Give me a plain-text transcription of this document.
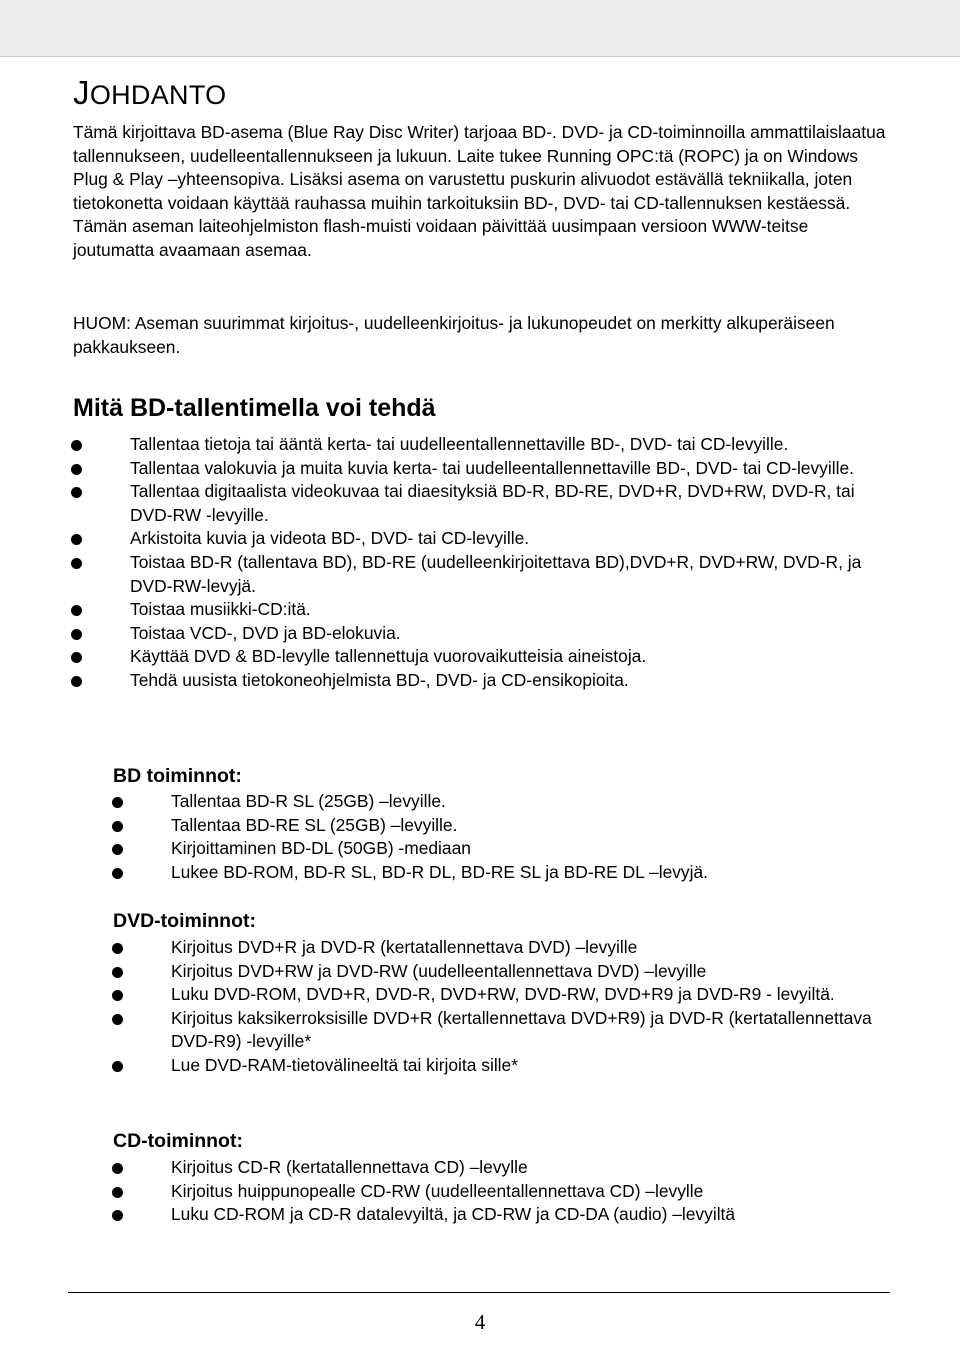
JOHDANTO

Tämä kirjoittava BD-asema (Blue Ray Disc Writer) tarjoaa BD-. DVD- ja CD-toiminnoilla ammattilaislaatua tallennukseen, uudelleentallennukseen ja lukuun. Laite tukee Running OPC:tä (ROPC) ja on Windows Plug & Play –yhteensopiva. Lisäksi asema on varustettu puskurin alivuodot estävällä tekniikalla, joten tietokonetta voidaan käyttää rauhassa muihin tarkoituksiin BD-, DVD- tai CD-tallennuksen kestäessä. Tämän aseman laiteohjelmiston flash-muisti voidaan päivittää uusimpaan versioon WWW-teitse joutumatta avaamaan asemaa.

HUOM: Aseman suurimmat kirjoitus-, uudelleenkirjoitus- ja lukunopeudet on merkitty alkuperäiseen pakkaukseen.

Mitä BD-tallentimella voi tehdä
Tallentaa tietoja tai ääntä kerta- tai uudelleentallennettaville BD-, DVD- tai CD-levyille.
Tallentaa valokuvia ja muita kuvia kerta- tai uudelleentallennettaville BD-, DVD- tai CD-levyille.
Tallentaa digitaalista videokuvaa tai diaesityksiä BD-R, BD-RE, DVD+R, DVD+RW, DVD-R, tai DVD-RW -levyille.
Arkistoita kuvia ja videota BD-, DVD- tai CD-levyille.
Toistaa BD-R (tallentava BD), BD-RE (uudelleenkirjoitettava BD),DVD+R, DVD+RW, DVD-R, ja DVD-RW-levyjä.
Toistaa musiikki-CD:itä.
Toistaa VCD-, DVD ja BD-elokuvia.
Käyttää DVD & BD-levylle tallennettuja vuorovaikutteisia aineistoja.
Tehdä uusista tietokoneohjelmista BD-, DVD- ja CD-ensikopioita.
BD toiminnot:
Tallentaa BD-R SL (25GB) –levyille.
Tallentaa BD-RE SL (25GB) –levyille.
Kirjoittaminen BD-DL (50GB) -mediaan
Lukee BD-ROM, BD-R SL, BD-R DL, BD-RE SL ja BD-RE DL –levyjä.
DVD-toiminnot:
Kirjoitus DVD+R ja DVD-R (kertatallennettava DVD) –levyille
Kirjoitus DVD+RW ja DVD-RW (uudelleentallennettava DVD) –levyille
Luku DVD-ROM, DVD+R, DVD-R, DVD+RW, DVD-RW, DVD+R9 ja DVD-R9 - levyiltä.
Kirjoitus kaksikerroksisille DVD+R (kertallennettava DVD+R9) ja DVD-R (kertatallennettava DVD-R9) -levyille*
Lue DVD-RAM-tietovälineeltä tai kirjoita sille*
CD-toiminnot:
Kirjoitus CD-R (kertatallennettava CD) –levylle
Kirjoitus huippunopealle CD-RW (uudelleentallennettava CD) –levylle
Luku CD-ROM ja CD-R datalevyiltä, ja CD-RW ja CD-DA (audio) –levyiltä
4
